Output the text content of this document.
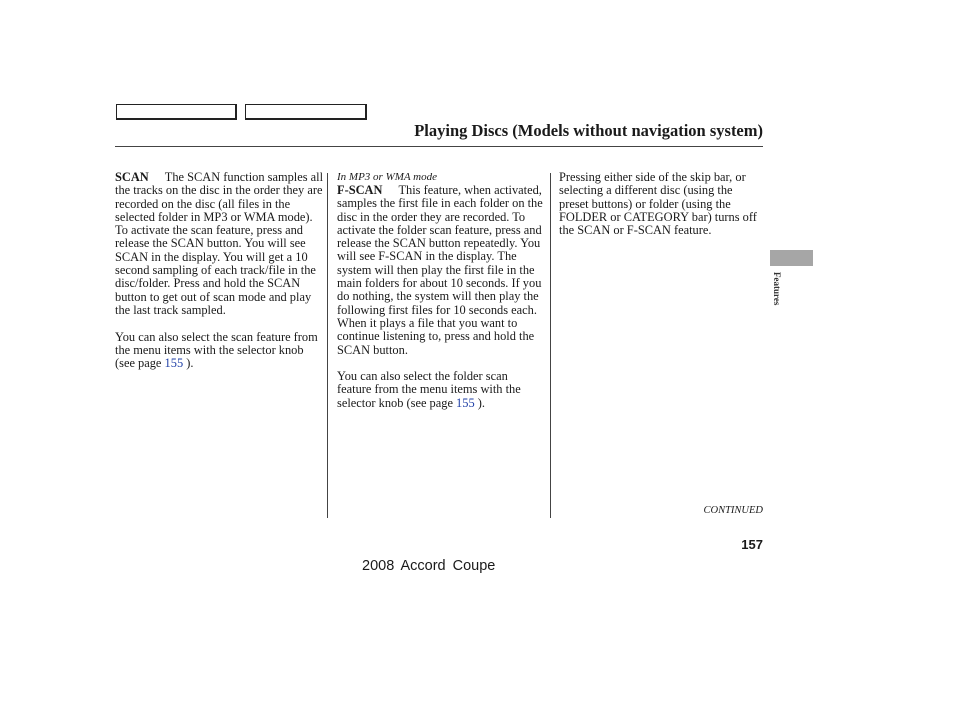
Playing Discs (Models without navigation system)

SCAN The SCAN function samples all the tracks on the disc in the order they are recorded on the disc (all files in the selected folder in MP3 or WMA mode). To activate the scan feature, press and release the SCAN button. You will see SCAN in the display. You will get a 10 second sampling of each track/file in the disc/folder. Press and hold the SCAN button to get out of scan mode and play the last track sampled.

You can also select the scan feature from the menu items with the selector knob (see page 155 ).

In MP3 or WMA mode

F-SCAN This feature, when activated, samples the first file in each folder on the disc in the order they are recorded. To activate the folder scan feature, press and release the SCAN button repeatedly. You will see F-SCAN in the display. The system will then play the first file in the main folders for about 10 seconds. If you do nothing, the system will then play the following first files for 10 seconds each. When it plays a file that you want to continue listening to, press and hold the SCAN button.

You can also select the folder scan feature from the menu items with the selector knob (see page 155 ).

Pressing either side of the skip bar, or selecting a different disc (using the preset buttons) or folder (using the FOLDER or CATEGORY bar) turns off the SCAN or F-SCAN feature.

Features
CONTINUED
157
2008 Accord Coupe
